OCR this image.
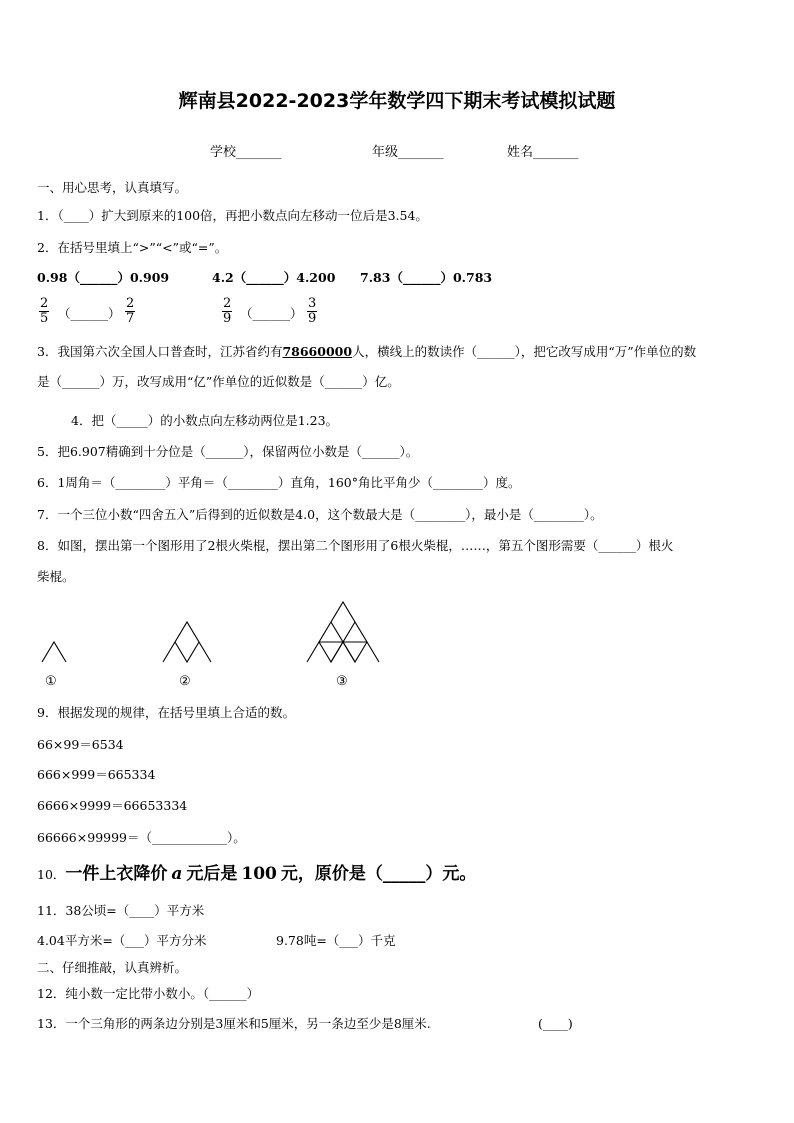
辉南县2022-2023学年数学四下期末考试模拟试题
学校_______	年级_______	姓名_______
一、用心思考，认真填写。
1．（____）扩大到原来的100倍，再把小数点向左移动一位后是3.54。
2．在括号里填上“>”“<”或“=”。
0.98（______）0.909	4.2（______）4.200 7.83（______）0.783
$\frac{2}{5}$ （______） $\frac{2}{7}$	$\frac{2}{9}$ （______） $\frac{3}{9}$
3．我国第六次全国人口普查时，江苏省约有78660000人，横线上的数读作（______），把它改写成用“万”作单位的数
是（______）万，改写成用“亿”作单位的近似数是（______）亿。
4．把（_____）的小数点向左移动两位是1.23。
5．把6.907精确到十分位是（______），保留两位小数是（______）。
6．1周角＝（________）平角＝（________）直角，160°角比平角少（________）度。
7．一个三位小数“四舍五入”后得到的近似数是4.0，这个数最大是（________），最小是（________）。
8．如图，摆出第一个图形用了2根火柴棍，摆出第二个图形用了6根火柴棍，……，第五个图形需要（______）根火
柴棍。
①	②	③
9．根据发现的规律，在括号里填上合适的数。
66×99＝6534
666×999＝665334
6666×9999＝66653334
66666×99999＝（____________）。
10．一件上衣降价 a 元后是 100 元，原价是（_____）元。
11．38公顷=（____）平方米
4.04平方米=（___）平方分米	9.78吨=（___）千克
二、仔细推敲，认真辨析。
12．纯小数一定比带小数小。（______）
13．一个三角形的两条边分别是3厘米和5厘米，另一条边至少是8厘米.	(____)
